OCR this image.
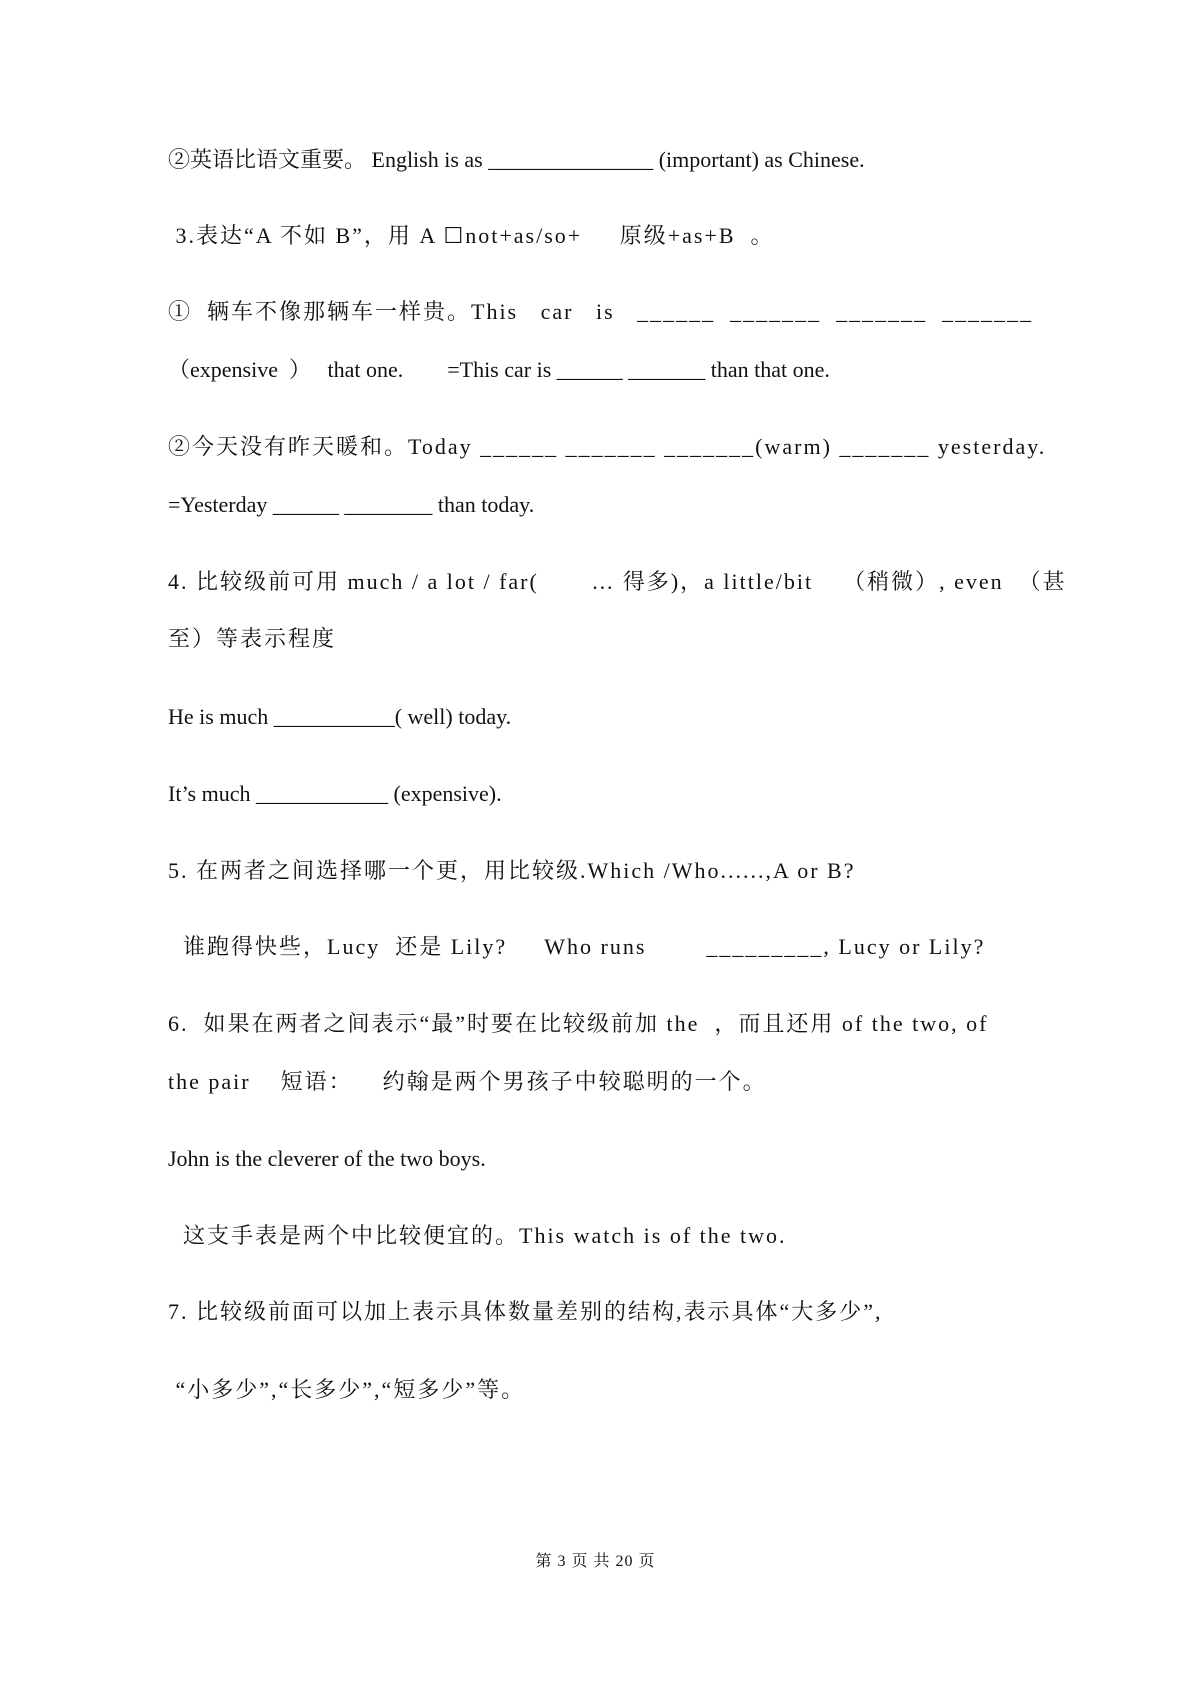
②英语比语文重要。 English is as _______________ (important) as Chinese.
3.表达“A 不如 B”，用 A ☐not+as/so+     原级+as+B  。
①  辆车不像那辆车一样贵。This   car   is   ______  _______  _______  _______
（expensive  ）   that one.        =This car is ______ _______ than that one.
②今天没有昨天暖和。Today ______ _______ _______(warm) _______ yesterday.
=Yesterday ______ ________ than today.
4. 比较级前可用 much / a lot / far(       … 得多)，a little/bit    （稍微）, even  （甚
至）等表示程度
He is much ___________( well) today.
It’s much ____________ (expensive).
5. 在两者之间选择哪一个更，用比较级.Which /Who......,A or B?
谁跑得快些，Lucy  还是 Lily?     Who runs        _________, Lucy or Lily?
6.  如果在两者之间表示“最”时要在比较级前加 the  ，而且还用 of the two, of
the pair    短语：    约翰是两个男孩子中较聪明的一个。
John is the cleverer of the two boys.
这支手表是两个中比较便宜的。This watch is of the two.
7. 比较级前面可以加上表示具体数量差别的结构,表示具体“大多少”,
“小多少”,“长多少”,“短多少”等。
第 3 页 共 20 页
